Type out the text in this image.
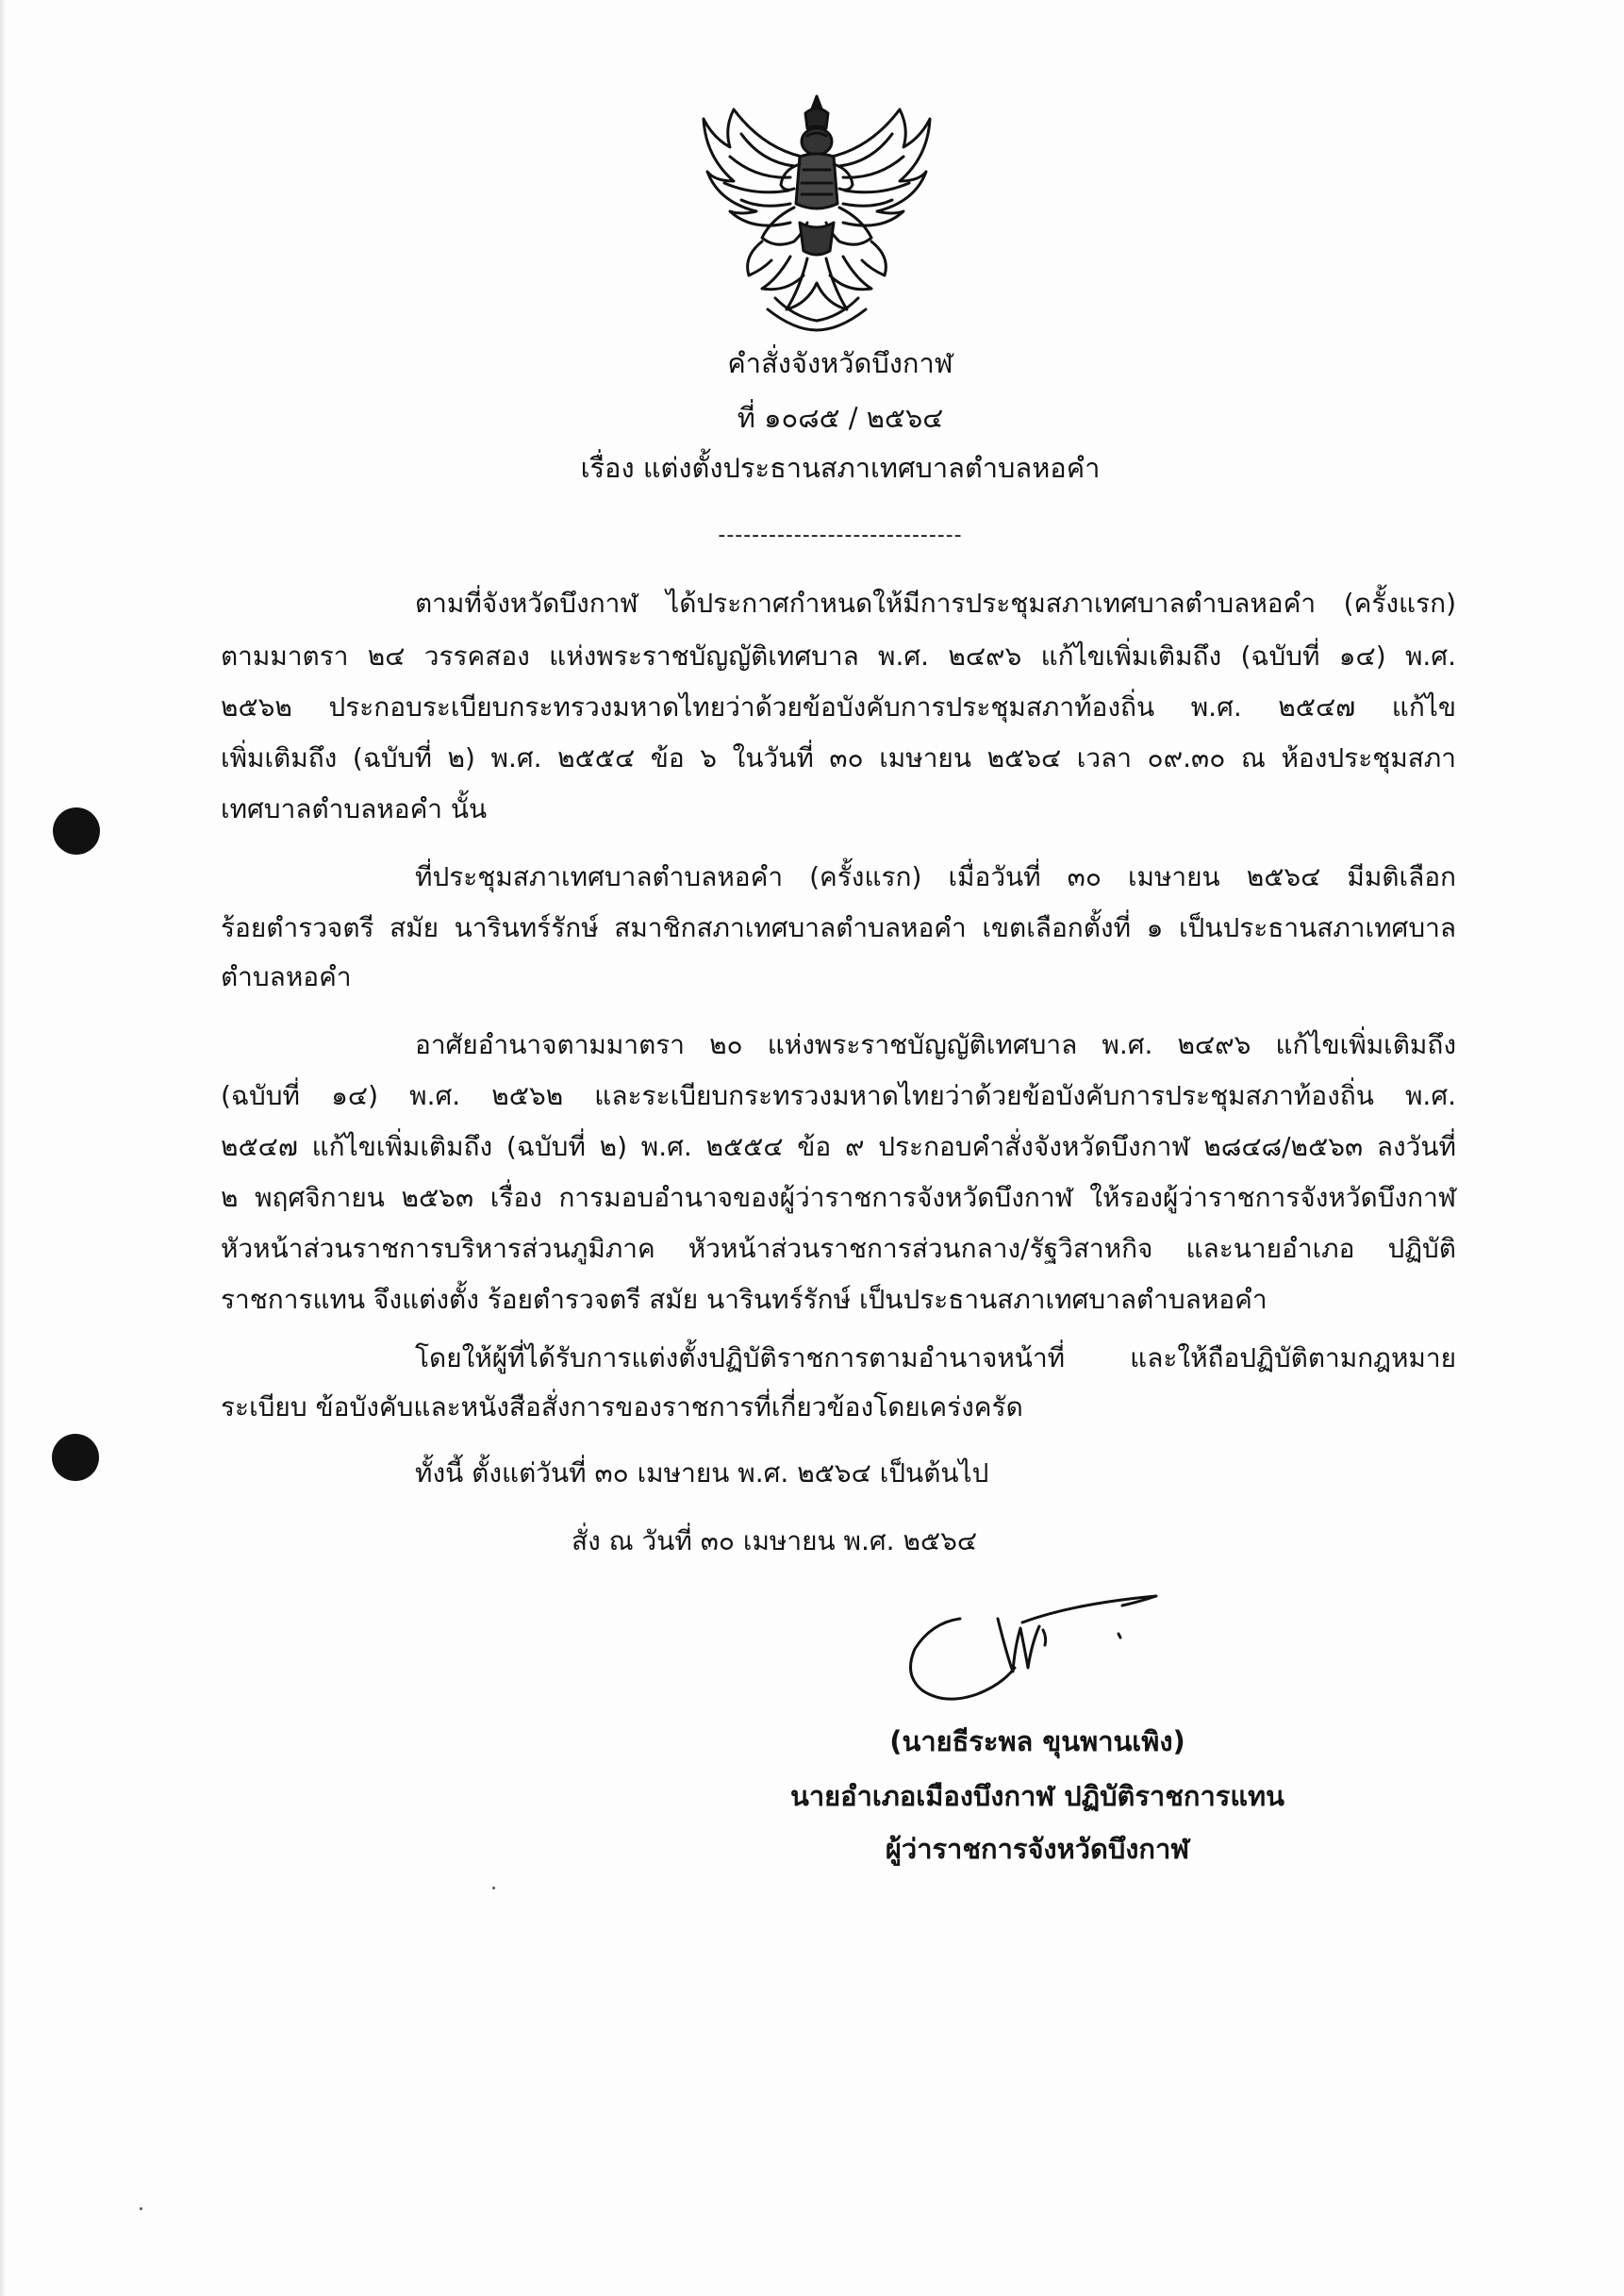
คำสั่งจังหวัดบึงกาฬ
ที่ ๑๐๘๕ / ๒๕๖๔
เรื่อง แต่งตั้งประธานสภาเทศบาลตำบลหอคำ
-----------------------------
ตามที่จังหวัดบึงกาฬ ได้ประกาศกำหนดให้มีการประชุมสภาเทศบาลตำบลหอคำ (ครั้งแรก)
ตามมาตรา ๒๔ วรรคสอง แห่งพระราชบัญญัติเทศบาล พ.ศ. ๒๔๙๖ แก้ไขเพิ่มเติมถึง (ฉบับที่ ๑๔) พ.ศ.
๒๕๖๒ ประกอบระเบียบกระทรวงมหาดไทยว่าด้วยข้อบังคับการประชุมสภาท้องถิ่น พ.ศ. ๒๕๔๗ แก้ไข
เพิ่มเติมถึง (ฉบับที่ ๒) พ.ศ. ๒๕๕๔ ข้อ ๖ ในวันที่ ๓๐ เมษายน ๒๕๖๔ เวลา ๐๙.๓๐ ณ ห้องประชุมสภา
เทศบาลตำบลหอคำ นั้น
ที่ประชุมสภาเทศบาลตำบลหอคำ (ครั้งแรก) เมื่อวันที่ ๓๐ เมษายน ๒๕๖๔ มีมติเลือก
ร้อยตำรวจตรี สมัย นารินทร์รักษ์ สมาชิกสภาเทศบาลตำบลหอคำ เขตเลือกตั้งที่ ๑ เป็นประธานสภาเทศบาล
ตำบลหอคำ
อาศัยอำนาจตามมาตรา ๒๐ แห่งพระราชบัญญัติเทศบาล พ.ศ. ๒๔๙๖ แก้ไขเพิ่มเติมถึง
(ฉบับที่ ๑๔) พ.ศ. ๒๕๖๒ และระเบียบกระทรวงมหาดไทยว่าด้วยข้อบังคับการประชุมสภาท้องถิ่น พ.ศ.
๒๕๔๗ แก้ไขเพิ่มเติมถึง (ฉบับที่ ๒) พ.ศ. ๒๕๕๔ ข้อ ๙ ประกอบคำสั่งจังหวัดบึงกาฬ ๒๘๔๘/๒๕๖๓ ลงวันที่
๒ พฤศจิกายน ๒๕๖๓ เรื่อง การมอบอำนาจของผู้ว่าราชการจังหวัดบึงกาฬ ให้รองผู้ว่าราชการจังหวัดบึงกาฬ
หัวหน้าส่วนราชการบริหารส่วนภูมิภาค หัวหน้าส่วนราชการส่วนกลาง/รัฐวิสาหกิจ และนายอำเภอ ปฏิบัติ
ราชการแทน จึงแต่งตั้ง ร้อยตำรวจตรี สมัย นารินทร์รักษ์ เป็นประธานสภาเทศบาลตำบลหอคำ
โดยให้ผู้ที่ได้รับการแต่งตั้งปฏิบัติราชการตามอำนาจหน้าที่ และให้ถือปฏิบัติตามกฎหมาย
ระเบียบ ข้อบังคับและหนังสือสั่งการของราชการที่เกี่ยวข้องโดยเคร่งครัด
ทั้งนี้ ตั้งแต่วันที่ ๓๐ เมษายน พ.ศ. ๒๕๖๔ เป็นต้นไป
สั่ง ณ วันที่ ๓๐ เมษายน พ.ศ. ๒๕๖๔
(นายธีระพล ขุนพานเพิง)
นายอำเภอเมืองบึงกาฬ ปฏิบัติราชการแทน
ผู้ว่าราชการจังหวัดบึงกาฬ
